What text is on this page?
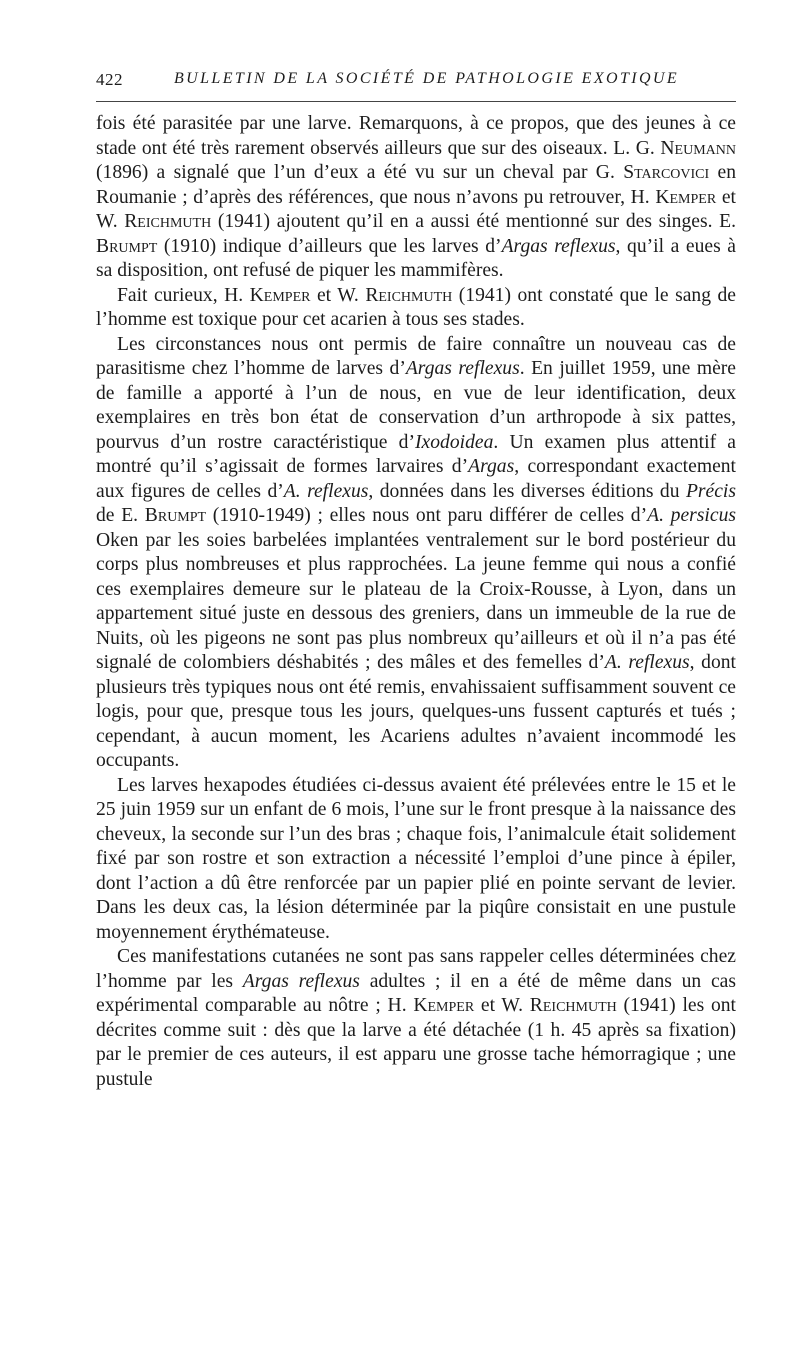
422	BULLETIN DE LA SOCIÉTÉ DE PATHOLOGIE EXOTIQUE

fois été parasitée par une larve. Remarquons, à ce propos, que des jeunes à ce stade ont été très rarement observés ailleurs que sur des oiseaux. L. G. Neumann (1896) a signalé que l’un d’eux a été vu sur un cheval par G. Starcovici en Roumanie ; d’après des références, que nous n’avons pu retrouver, H. Kemper et W. Reichmuth (1941) ajoutent qu’il en a aussi été mentionné sur des singes. E. Brumpt (1910) indique d’ailleurs que les larves d’Argas reflexus, qu’il a eues à sa disposition, ont refusé de piquer les mammifères.

Fait curieux, H. Kemper et W. Reichmuth (1941) ont constaté que le sang de l’homme est toxique pour cet acarien à tous ses stades.

Les circonstances nous ont permis de faire connaître un nouveau cas de parasitisme chez l’homme de larves d’Argas reflexus. En juillet 1959, une mère de famille a apporté à l’un de nous, en vue de leur identification, deux exemplaires en très bon état de conservation d’un arthropode à six pattes, pourvus d’un rostre caractéristique d’Ixodoidea. Un examen plus attentif a montré qu’il s’agissait de formes larvaires d’Argas, correspondant exactement aux figures de celles d’A. reflexus, données dans les diverses éditions du Précis de E. Brumpt (1910-1949) ; elles nous ont paru différer de celles d’A. persicus Oken par les soies barbelées implantées ventralement sur le bord postérieur du corps plus nombreuses et plus rapprochées. La jeune femme qui nous a confié ces exemplaires demeure sur le plateau de la Croix-Rousse, à Lyon, dans un appartement situé juste en dessous des greniers, dans un immeuble de la rue de Nuits, où les pigeons ne sont pas plus nombreux qu’ailleurs et où il n’a pas été signalé de colombiers déshabités ; des mâles et des femelles d’A. reflexus, dont plusieurs très typiques nous ont été remis, envahissaient suffisamment souvent ce logis, pour que, presque tous les jours, quelques-uns fussent capturés et tués ; cependant, à aucun moment, les Acariens adultes n’avaient incommodé les occupants.

Les larves hexapodes étudiées ci-dessus avaient été prélevées entre le 15 et le 25 juin 1959 sur un enfant de 6 mois, l’une sur le front presque à la naissance des cheveux, la seconde sur l’un des bras ; chaque fois, l’animalcule était solidement fixé par son rostre et son extraction a nécessité l’emploi d’une pince à épiler, dont l’action a dû être renforcée par un papier plié en pointe servant de levier. Dans les deux cas, la lésion déterminée par la piqûre consistait en une pustule moyennement érythémateuse.

Ces manifestations cutanées ne sont pas sans rappeler celles déterminées chez l’homme par les Argas reflexus adultes ; il en a été de même dans un cas expérimental comparable au nôtre ; H. Kemper et W. Reichmuth (1941) les ont décrites comme suit : dès que la larve a été détachée (1 h. 45 après sa fixation) par le premier de ces auteurs, il est apparu une grosse tache hémorragique ; une pustule
